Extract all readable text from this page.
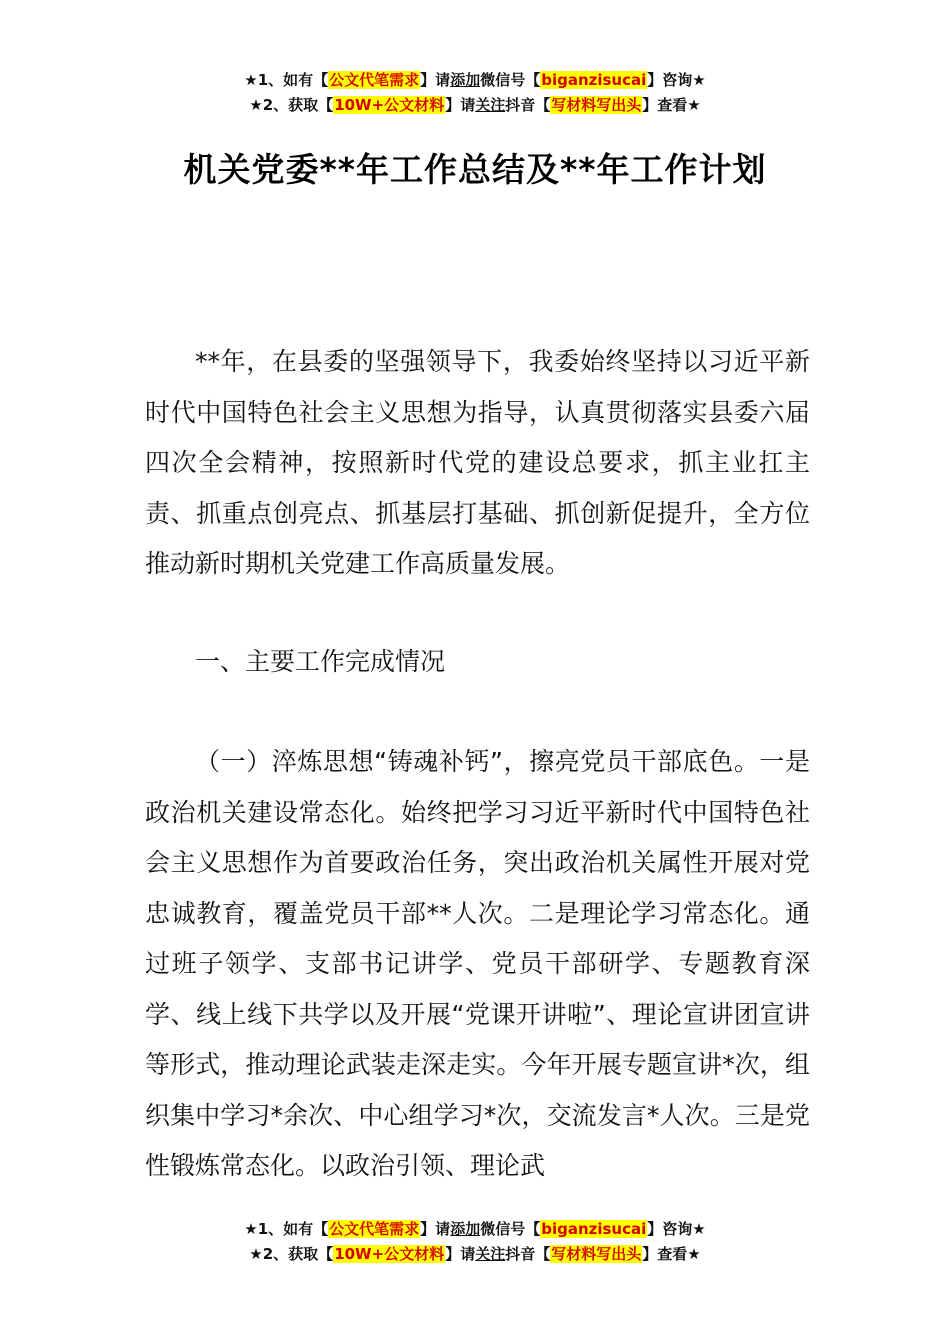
★1、如有【公文代笔需求】请添加微信号【biganzisucai】咨询★
★2、获取【10W+公文材料】请关注抖音【写材料写出头】查看★
机关党委**年工作总结及**年工作计划

**年，在县委的坚强领导下，我委始终坚持以习近平新时代中国特色社会主义思想为指导，认真贯彻落实县委六届四次全会精神，按照新时代党的建设总要求，抓主业扛主责、抓重点创亮点、抓基层打基础、抓创新促提升，全方位推动新时期机关党建工作高质量发展。

一、主要工作完成情况

（一）淬炼思想“铸魂补钙”，擦亮党员干部底色。一是政治机关建设常态化。始终把学习习近平新时代中国特色社会主义思想作为首要政治任务，突出政治机关属性开展对党忠诚教育，覆盖党员干部**人次。二是理论学习常态化。通过班子领学、支部书记讲学、党员干部研学、专题教育深学、线上线下共学以及开展“党课开讲啦”、理论宣讲团宣讲等形式，推动理论武装走深走实。今年开展专题宣讲*次，组织集中学习*余次、中心组学习*次，交流发言*人次。三是党性锻炼常态化。以政治引领、理论武

★1、如有【公文代笔需求】请添加微信号【biganzisucai】咨询★
★2、获取【10W+公文材料】请关注抖音【写材料写出头】查看★
